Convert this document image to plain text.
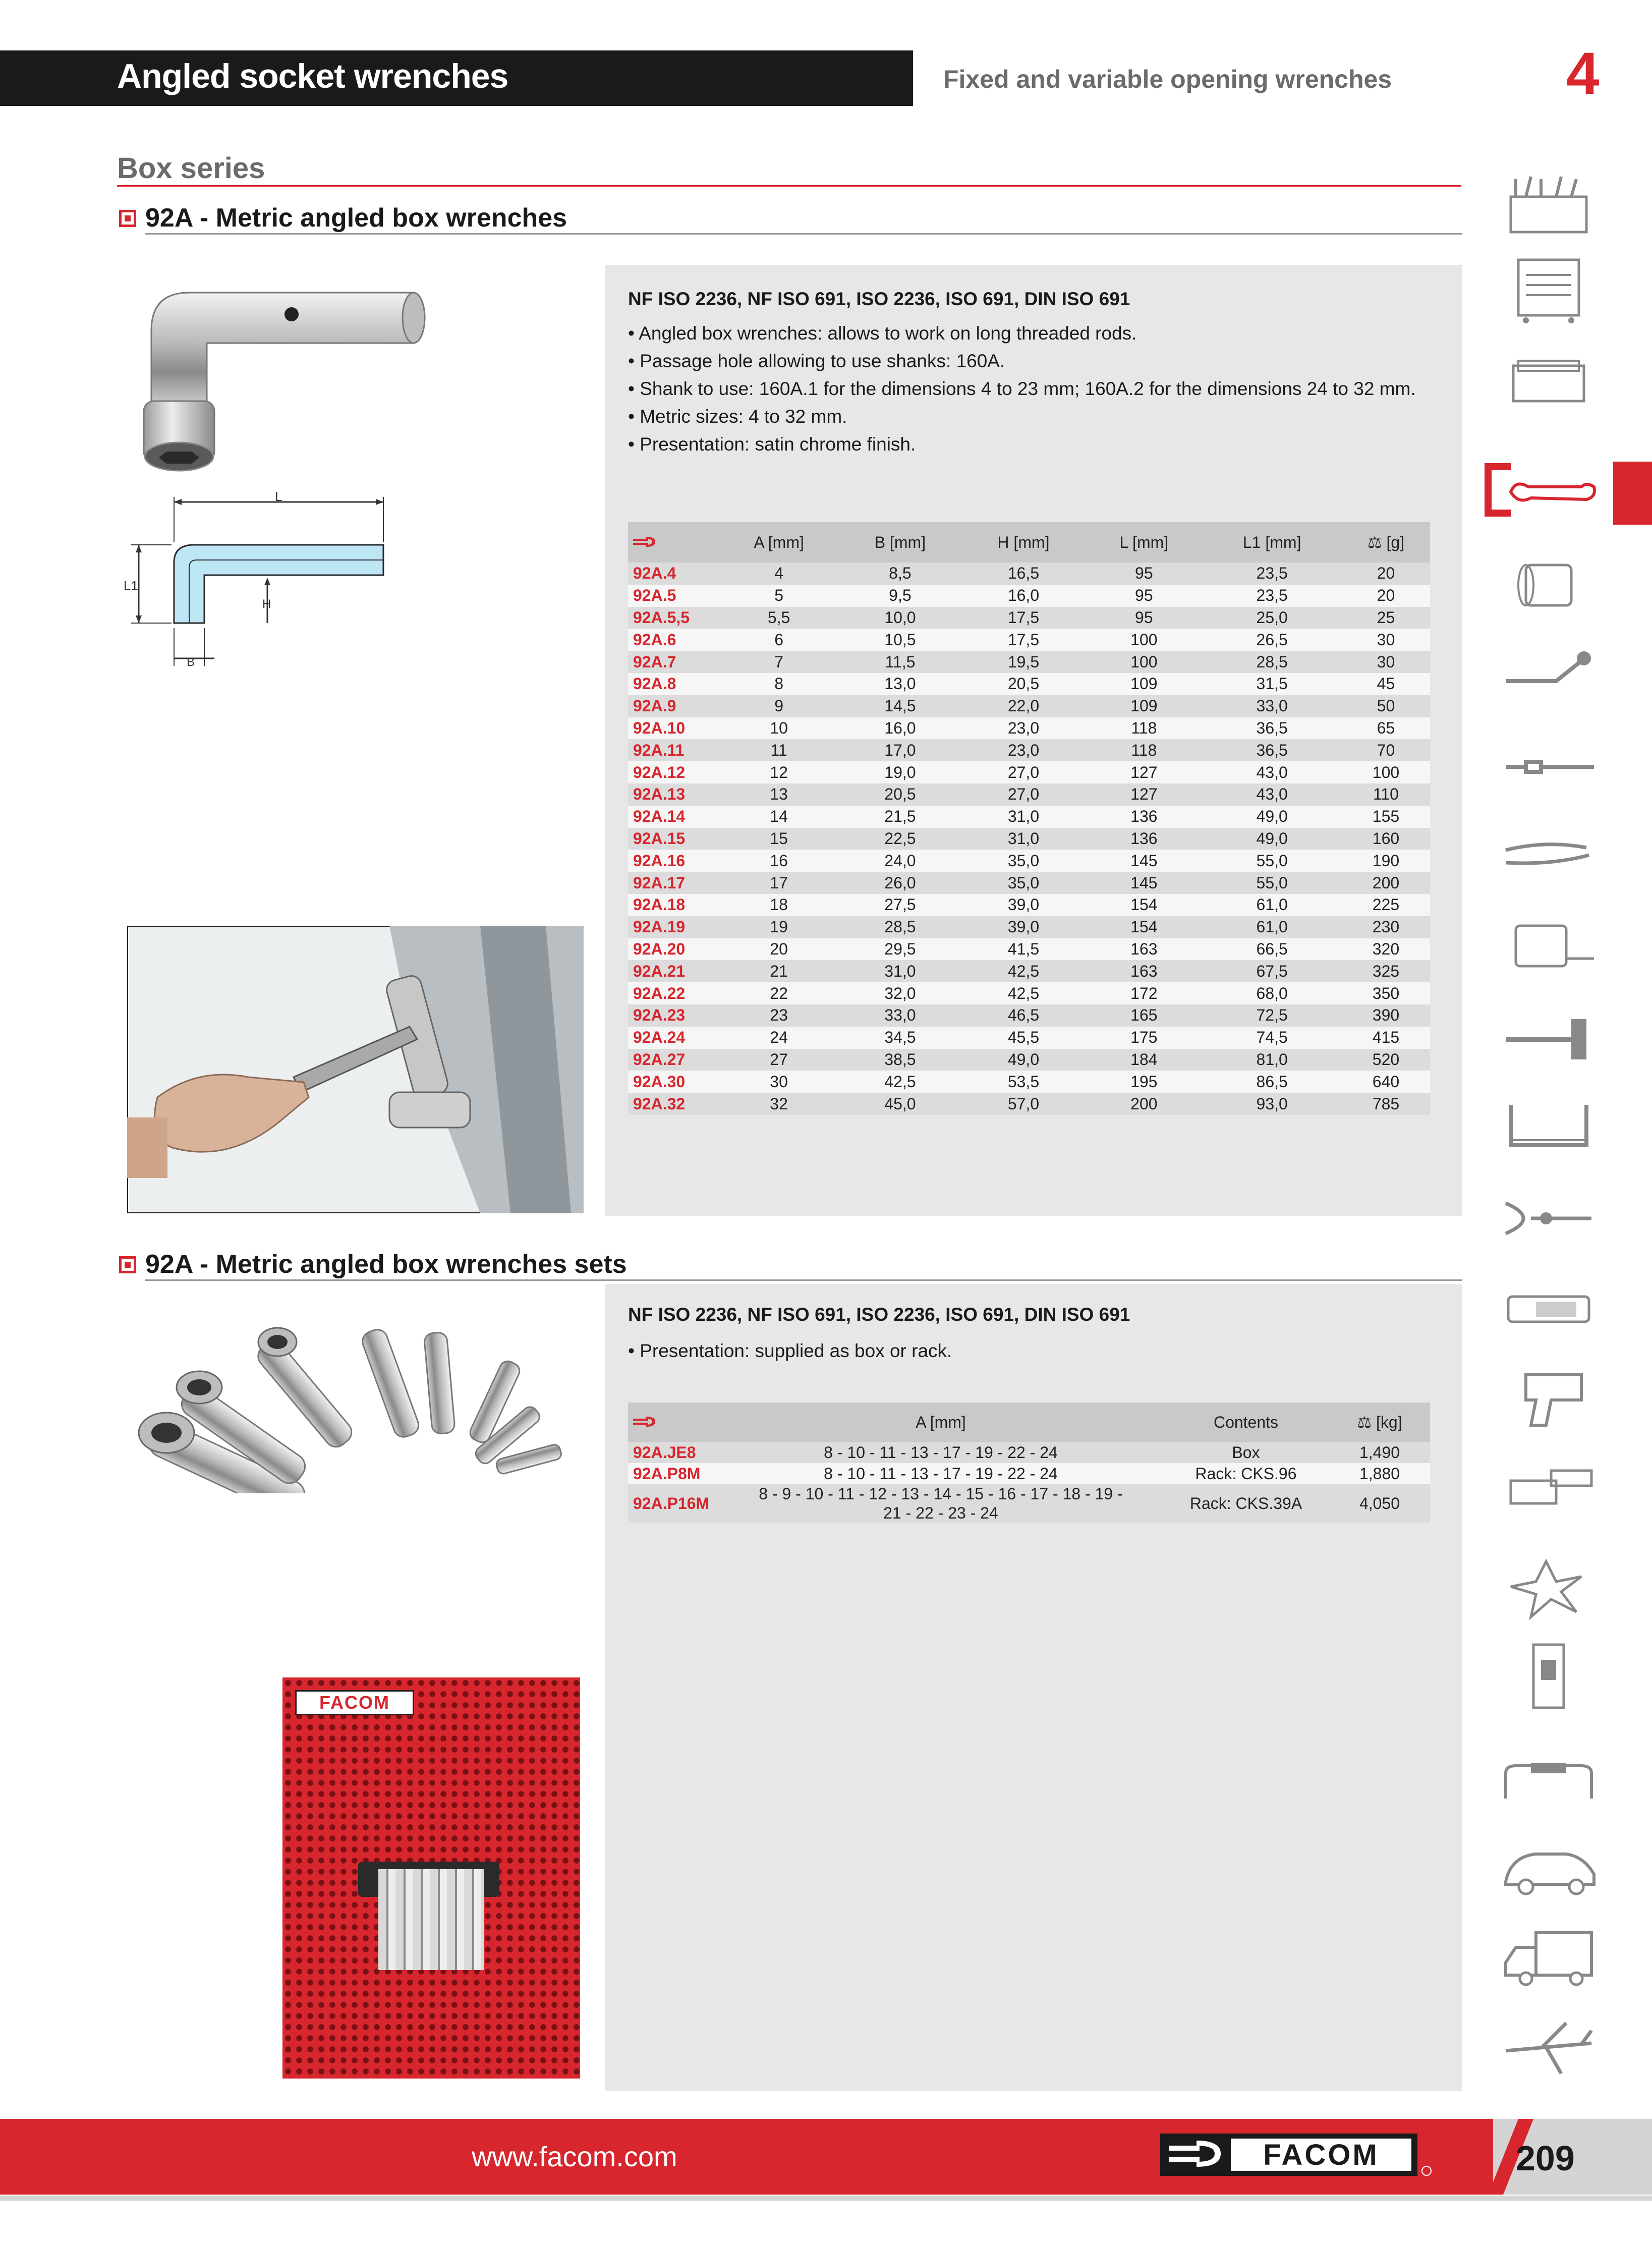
Angled socket wrenches	Fixed and variable opening wrenches	4
Box series
92A - Metric angled box wrenches
NF ISO 2236, NF ISO 691, ISO 2236, ISO 691, DIN ISO 691
• Angled box wrenches: allows to work on long threaded rods.
• Passage hole allowing to use shanks: 160A.
• Shank to use: 160A.1 for the dimensions 4 to 23 mm; 160A.2 for the dimensions 24 to 32 mm.
• Metric sizes: 4 to 32 mm.
• Presentation: satin chrome finish.
L
L1
H
B
	A [mm]	B [mm]	H [mm]	L [mm]	L1 [mm]	⚖ [g]
92A.4	4	8,5	16,5	95	23,5	20
92A.5	5	9,5	16,0	95	23,5	20
92A.5,5	5,5	10,0	17,5	95	25,0	25
92A.6	6	10,5	17,5	100	26,5	30
92A.7	7	11,5	19,5	100	28,5	30
92A.8	8	13,0	20,5	109	31,5	45
92A.9	9	14,5	22,0	109	33,0	50
92A.10	10	16,0	23,0	118	36,5	65
92A.11	11	17,0	23,0	118	36,5	70
92A.12	12	19,0	27,0	127	43,0	100
92A.13	13	20,5	27,0	127	43,0	110
92A.14	14	21,5	31,0	136	49,0	155
92A.15	15	22,5	31,0	136	49,0	160
92A.16	16	24,0	35,0	145	55,0	190
92A.17	17	26,0	35,0	145	55,0	200
92A.18	18	27,5	39,0	154	61,0	225
92A.19	19	28,5	39,0	154	61,0	230
92A.20	20	29,5	41,5	163	66,5	320
92A.21	21	31,0	42,5	163	67,5	325
92A.22	22	32,0	42,5	172	68,0	350
92A.23	23	33,0	46,5	165	72,5	390
92A.24	24	34,5	45,5	175	74,5	415
92A.27	27	38,5	49,0	184	81,0	520
92A.30	30	42,5	53,5	195	86,5	640
92A.32	32	45,0	57,0	200	93,0	785
92A - Metric angled box wrenches sets
NF ISO 2236, NF ISO 691, ISO 2236, ISO 691, DIN ISO 691
• Presentation: supplied as box or rack.
	A [mm]	Contents	⚖ [kg]
92A.JE8	8 - 10 - 11 - 13 - 17 - 19 - 22 - 24	Box	1,490
92A.P8M	8 - 10 - 11 - 13 - 17 - 19 - 22 - 24	Rack: CKS.96	1,880
92A.P16M	8 - 9 - 10 - 11 - 12 - 13 - 14 - 15 - 16 - 17 - 18 - 19 - 21 - 22 - 23 - 24	Rack: CKS.39A	4,050
FACOM
www.facom.com	209
FACOM
